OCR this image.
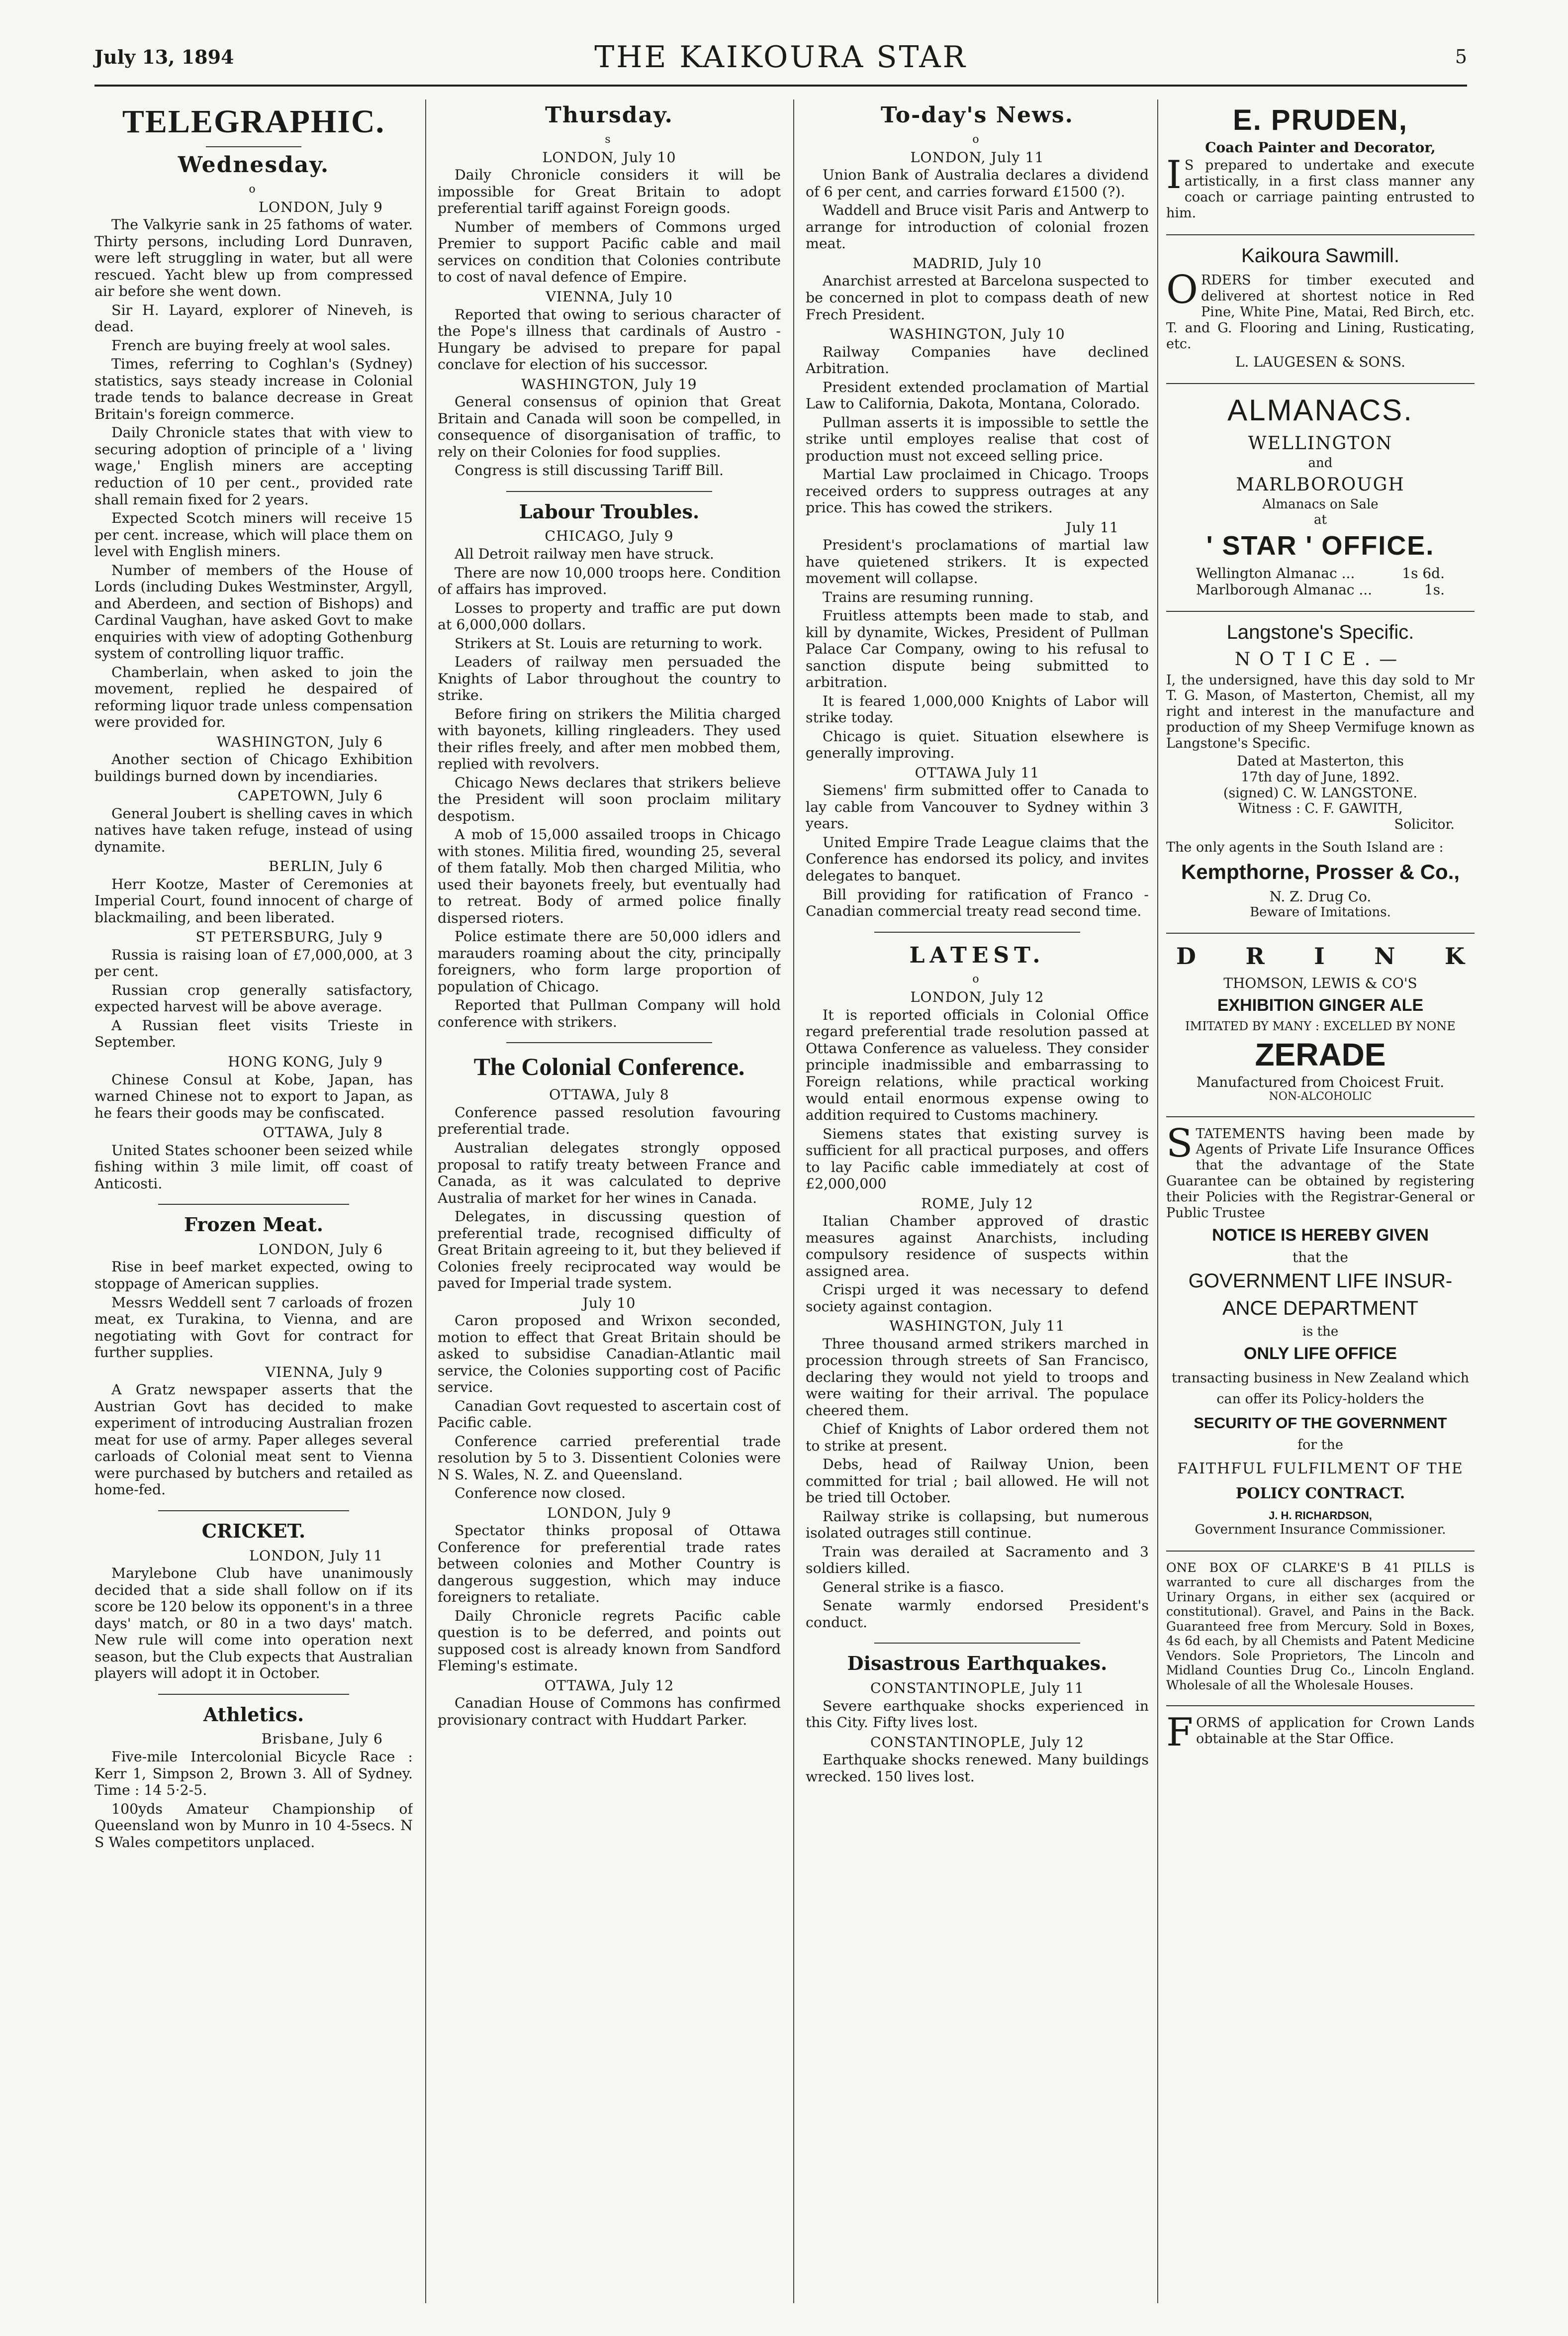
July 13, 1894	THE KAIKOURA STAR	5
TELEGRAPHIC.
Wednesday.
o
LONDON, July 9

The Valkyrie sank in 25 fathoms of water. Thirty persons, including Lord Dunraven, were left struggling in water, but all were rescued. Yacht blew up from compressed air before she went down.

Sir H. Layard, explorer of Nineveh, is dead.

French are buying freely at wool sales.

Times, referring to Coghlan's (Sydney) statistics, says steady increase in Colonial trade tends to balance decrease in Great Britain's foreign commerce.

Daily Chronicle states that with view to securing adoption of principle of a ' living wage,' English miners are accepting reduction of 10 per cent., provided rate shall remain fixed for 2 years.

Expected Scotch miners will receive 15 per cent. increase, which will place them on level with English miners.

Number of members of the House of Lords (including Dukes Westminster, Argyll, and Aberdeen, and section of Bishops) and Cardinal Vaughan, have asked Govt to make enquiries with view of adopting Gothenburg system of controlling liquor traffic.

Chamberlain, when asked to join the movement, replied he despaired of reforming liquor trade unless compensation were provided for.

WASHINGTON, July 6

Another section of Chicago Exhibition buildings burned down by incendiaries.

CAPETOWN, July 6

General Joubert is shelling caves in which natives have taken refuge, instead of using dynamite.

BERLIN, July 6

Herr Kootze, Master of Ceremonies at Imperial Court, found innocent of charge of blackmailing, and been liberated.

ST PETERSBURG, July 9

Russia is raising loan of £7,000,000, at 3 per cent.

Russian crop generally satisfactory, expected harvest will be above average.

A Russian fleet visits Trieste in September.

HONG KONG, July 9

Chinese Consul at Kobe, Japan, has warned Chinese not to export to Japan, as he fears their goods may be confiscated.

OTTAWA, July 8

United States schooner been seized while fishing within 3 mile limit, off coast of Anticosti.

Frozen Meat.
LONDON, July 6

Rise in beef market expected, owing to stoppage of American supplies.

Messrs Weddell sent 7 carloads of frozen meat, ex Turakina, to Vienna, and are negotiating with Govt for contract for further supplies.

VIENNA, July 9

A Gratz newspaper asserts that the Austrian Govt has decided to make experiment of introducing Australian frozen meat for use of army. Paper alleges several carloads of Colonial meat sent to Vienna were purchased by butchers and retailed as home-fed.

CRICKET.
LONDON, July 11

Marylebone Club have unanimously decided that a side shall follow on if its score be 120 below its opponent's in a three days' match, or 80 in a two days' match. New rule will come into operation next season, but the Club expects that Australian players will adopt it in October.

Athletics.
Brisbane, July 6

Five-mile Intercolonial Bicycle Race : Kerr 1, Simpson 2, Brown 3. All of Sydney. Time : 14 5·2-5.

100yds Amateur Championship of Queensland won by Munro in 10 4-5secs. N S Wales competitors unplaced.

Thursday.
s
LONDON, July 10

Daily Chronicle considers it will be impossible for Great Britain to adopt preferential tariff against Foreign goods.

Number of members of Commons urged Premier to support Pacific cable and mail services on condition that Colonies contribute to cost of naval defence of Empire.

VIENNA, July 10

Reported that owing to serious character of the Pope's illness that cardinals of Austro - Hungary be advised to prepare for papal conclave for election of his successor.

WASHINGTON, July 19

General consensus of opinion that Great Britain and Canada will soon be compelled, in consequence of disorganisation of traffic, to rely on their Colonies for food supplies.

Congress is still discussing Tariff Bill.

Labour Troubles.
CHICAGO, July 9

All Detroit railway men have struck.

There are now 10,000 troops here. Condition of affairs has improved.

Losses to property and traffic are put down at 6,000,000 dollars.

Strikers at St. Louis are returning to work.

Leaders of railway men persuaded the Knights of Labor throughout the country to strike.

Before firing on strikers the Militia charged with bayonets, killing ringleaders. They used their rifles freely, and after men mobbed them, replied with revolvers.

Chicago News declares that strikers believe the President will soon proclaim military despotism.

A mob of 15,000 assailed troops in Chicago with stones. Militia fired, wounding 25, several of them fatally. Mob then charged Militia, who used their bayonets freely, but eventually had to retreat. Body of armed police finally dispersed rioters.

Police estimate there are 50,000 idlers and marauders roaming about the city, principally foreigners, who form large proportion of population of Chicago.

Reported that Pullman Company will hold conference with strikers.

The Colonial Conference.
OTTAWA, July 8

Conference passed resolution favouring preferential trade.

Australian delegates strongly opposed proposal to ratify treaty between France and Canada, as it was calculated to deprive Australia of market for her wines in Canada.

Delegates, in discussing question of preferential trade, recognised difficulty of Great Britain agreeing to it, but they believed if Colonies freely reciprocated way would be paved for Imperial trade system.

July 10

Caron proposed and Wrixon seconded, motion to effect that Great Britain should be asked to subsidise Canadian-Atlantic mail service, the Colonies supporting cost of Pacific service.

Canadian Govt requested to ascertain cost of Pacific cable.

Conference carried preferential trade resolution by 5 to 3. Dissentient Colonies were N S. Wales, N. Z. and Queensland.

Conference now closed.

LONDON, July 9

Spectator thinks proposal of Ottawa Conference for preferential trade rates between colonies and Mother Country is dangerous suggestion, which may induce foreigners to retaliate.

Daily Chronicle regrets Pacific cable question is to be deferred, and points out supposed cost is already known from Sandford Fleming's estimate.

OTTAWA, July 12

Canadian House of Commons has confirmed provisionary contract with Huddart Parker.

To-day's News.
o
LONDON, July 11

Union Bank of Australia declares a dividend of 6 per cent, and carries forward £1500 (?).

Waddell and Bruce visit Paris and Antwerp to arrange for introduction of colonial frozen meat.

MADRID, July 10

Anarchist arrested at Barcelona suspected to be concerned in plot to compass death of new Frech President.

WASHINGTON, July 10

Railway Companies have declined Arbitration.

President extended proclamation of Martial Law to California, Dakota, Montana, Colorado.

Pullman asserts it is impossible to settle the strike until employes realise that cost of production must not exceed selling price.

Martial Law proclaimed in Chicago. Troops received orders to suppress outrages at any price. This has cowed the strikers.

July 11

President's proclamations of martial law have quietened strikers. It is expected movement will collapse.

Trains are resuming running.

Fruitless attempts been made to stab, and kill by dynamite, Wickes, President of Pullman Palace Car Company, owing to his refusal to sanction dispute being submitted to arbitration.

It is feared 1,000,000 Knights of Labor will strike today.

Chicago is quiet. Situation elsewhere is generally improving.

OTTAWA July 11

Siemens' firm submitted offer to Canada to lay cable from Vancouver to Sydney within 3 years.

United Empire Trade League claims that the Conference has endorsed its policy, and invites delegates to banquet.

Bill providing for ratification of Franco - Canadian commercial treaty read second time.

LATEST.
o
LONDON, July 12

It is reported officials in Colonial Office regard preferential trade resolution passed at Ottawa Conference as valueless. They consider principle inadmissible and embarrassing to Foreign relations, while practical working would entail enormous expense owing to addition required to Customs machinery.

Siemens states that existing survey is sufficient for all practical purposes, and offers to lay Pacific cable immediately at cost of £2,000,000

ROME, July 12

Italian Chamber approved of drastic measures against Anarchists, including compulsory residence of suspects within assigned area.

Crispi urged it was necessary to defend society against contagion.

WASHINGTON, July 11

Three thousand armed strikers marched in procession through streets of San Francisco, declaring they would not yield to troops and were waiting for their arrival. The populace cheered them.

Chief of Knights of Labor ordered them not to strike at present.

Debs, head of Railway Union, been committed for trial ; bail allowed. He will not be tried till October.

Railway strike is collapsing, but numerous isolated outrages still continue.

Train was derailed at Sacramento and 3 soldiers killed.

General strike is a fiasco.

Senate warmly endorsed President's conduct.

Disastrous Earthquakes.
CONSTANTINOPLE, July 11

Severe earthquake shocks experienced in this City. Fifty lives lost.

CONSTANTINOPLE, July 12

Earthquake shocks renewed. Many buildings wrecked. 150 lives lost.

E. PRUDEN,
Coach Painter and Decorator,

IS prepared to undertake and execute artistically, in a first class manner any coach or carriage painting entrusted to him.

Kaikoura Sawmill.

ORDERS for timber executed and delivered at shortest notice in Red Pine, White Pine, Matai, Red Birch, etc. T. and G. Flooring and Lining, Rusticating, etc.

L. LAUGESEN & SONS.
ALMANACS.
WELLINGTON
and
MARLBOROUGH
Almanacs on Sale
at
' STAR ' OFFICE.
Wellington Almanac ...	1s 6d.
Marlborough Almanac ...	1s.
Langstone's Specific.
NOTICE.—

I, the undersigned, have this day sold to Mr T. G. Mason, of Masterton, Chemist, all my right and interest in the manufacture and production of my Sheep Vermifuge known as Langstone's Specific.

Dated at Masterton, this
17th day of June, 1892.
(signed) C. W. LANGSTONE.
Witness : C. F. GAWITH,
Solicitor.

The only agents in the South Island are :

Kempthorne, Prosser & Co.,
N. Z. Drug Co.
Beware of Imitations.
D R I N K
THOMSON, LEWIS & CO'S
EXHIBITION GINGER ALE
IMITATED BY MANY : EXCELLED BY NONE
ZERADE
Manufactured from Choicest Fruit.
NON-ALCOHOLIC

STATEMENTS having been made by Agents of Private Life Insurance Offices that the advantage of the State Guarantee can be obtained by registering their Policies with the Registrar-General or Public Trustee

NOTICE IS HEREBY GIVEN
that the
GOVERNMENT LIFE INSUR-
ANCE DEPARTMENT
is the
ONLY LIFE OFFICE
transacting business in New Zealand which
can offer its Policy-holders the
SECURITY OF THE GOVERNMENT
for the
FAITHFUL FULFILMENT OF THE
POLICY CONTRACT.
J. H. RICHARDSON,
Government Insurance Commissioner.

ONE BOX OF CLARKE'S B 41 PILLS is warranted to cure all discharges from the Urinary Organs, in either sex (acquired or constitutional). Gravel, and Pains in the Back. Guaranteed free from Mercury. Sold in Boxes, 4s 6d each, by all Chemists and Patent Medicine Vendors. Sole Proprietors, The Lincoln and Midland Counties Drug Co., Lincoln England. Wholesale of all the Wholesale Houses.

FORMS of application for Crown Lands obtainable at the Star Office.
